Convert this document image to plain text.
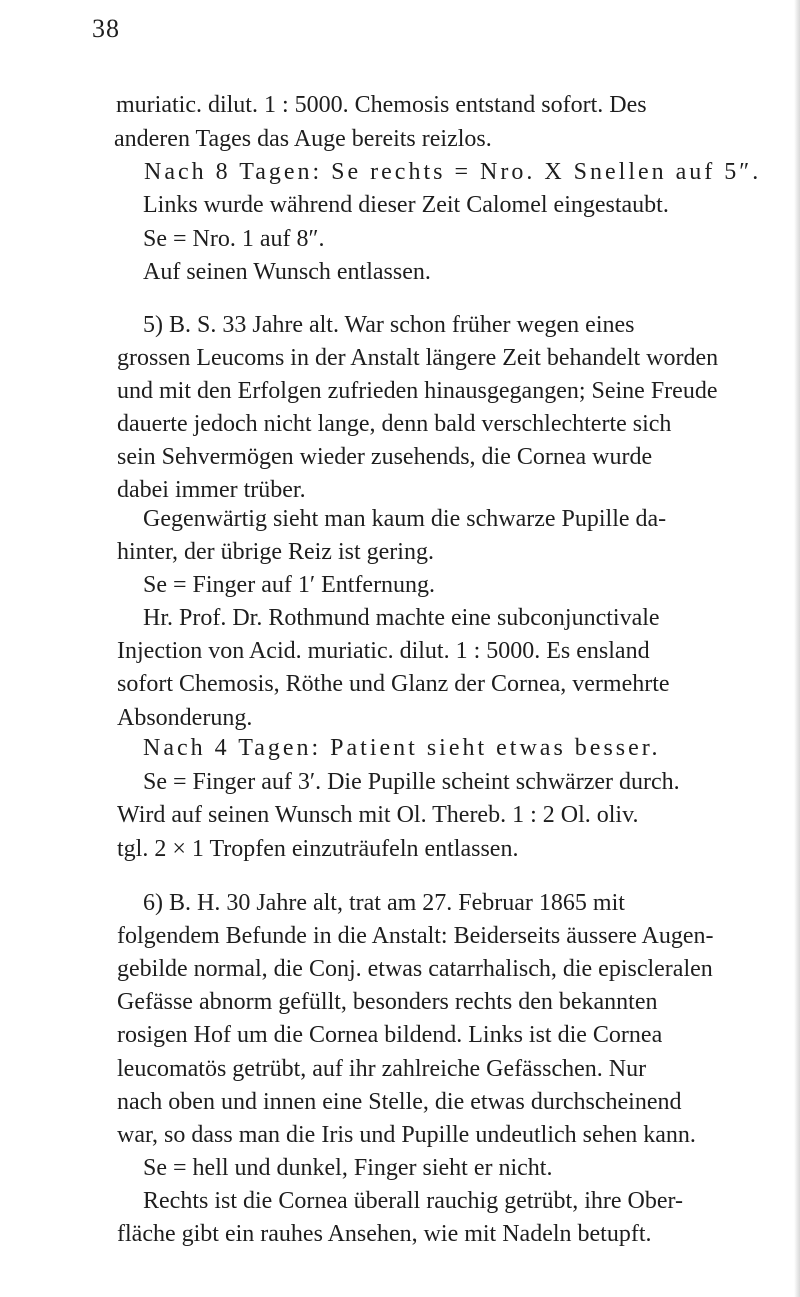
38
muriatic. dilut. 1 : 5000. Chemosis entstand sofort. Des
anderen Tages das Auge bereits reizlos.
Nach 8 Tagen: Se rechts = Nro. X Snellen auf 5″.
Links wurde während dieser Zeit Calomel eingestaubt.
Se = Nro. 1 auf 8″.
Auf seinen Wunsch entlassen.
5) B. S. 33 Jahre alt. War schon früher wegen eines
grossen Leucoms in der Anstalt längere Zeit behandelt worden
und mit den Erfolgen zufrieden hinausgegangen; Seine Freude
dauerte jedoch nicht lange, denn bald verschlechterte sich
sein Sehvermögen wieder zusehends, die Cornea wurde
dabei immer trüber.
Gegenwärtig sieht man kaum die schwarze Pupille da-
hinter, der übrige Reiz ist gering.
Se = Finger auf 1′ Entfernung.
Hr. Prof. Dr. Rothmund machte eine subconjunctivale
Injection von Acid. muriatic. dilut. 1 : 5000. Es ensland
sofort Chemosis, Röthe und Glanz der Cornea, vermehrte
Absonderung.
Nach 4 Tagen: Patient sieht etwas besser.
Se = Finger auf 3′. Die Pupille scheint schwärzer durch.
Wird auf seinen Wunsch mit Ol. Thereb. 1 : 2 Ol. oliv.
tgl. 2 × 1 Tropfen einzuträufeln entlassen.
6) B. H. 30 Jahre alt, trat am 27. Februar 1865 mit
folgendem Befunde in die Anstalt: Beiderseits äussere Augen-
gebilde normal, die Conj. etwas catarrhalisch, die episcleralen
Gefässe abnorm gefüllt, besonders rechts den bekannten
rosigen Hof um die Cornea bildend. Links ist die Cornea
leucomatös getrübt, auf ihr zahlreiche Gefässchen. Nur
nach oben und innen eine Stelle, die etwas durchscheinend
war, so dass man die Iris und Pupille undeutlich sehen kann.
Se = hell und dunkel, Finger sieht er nicht.
Rechts ist die Cornea überall rauchig getrübt, ihre Ober-
fläche gibt ein rauhes Ansehen, wie mit Nadeln betupft.
